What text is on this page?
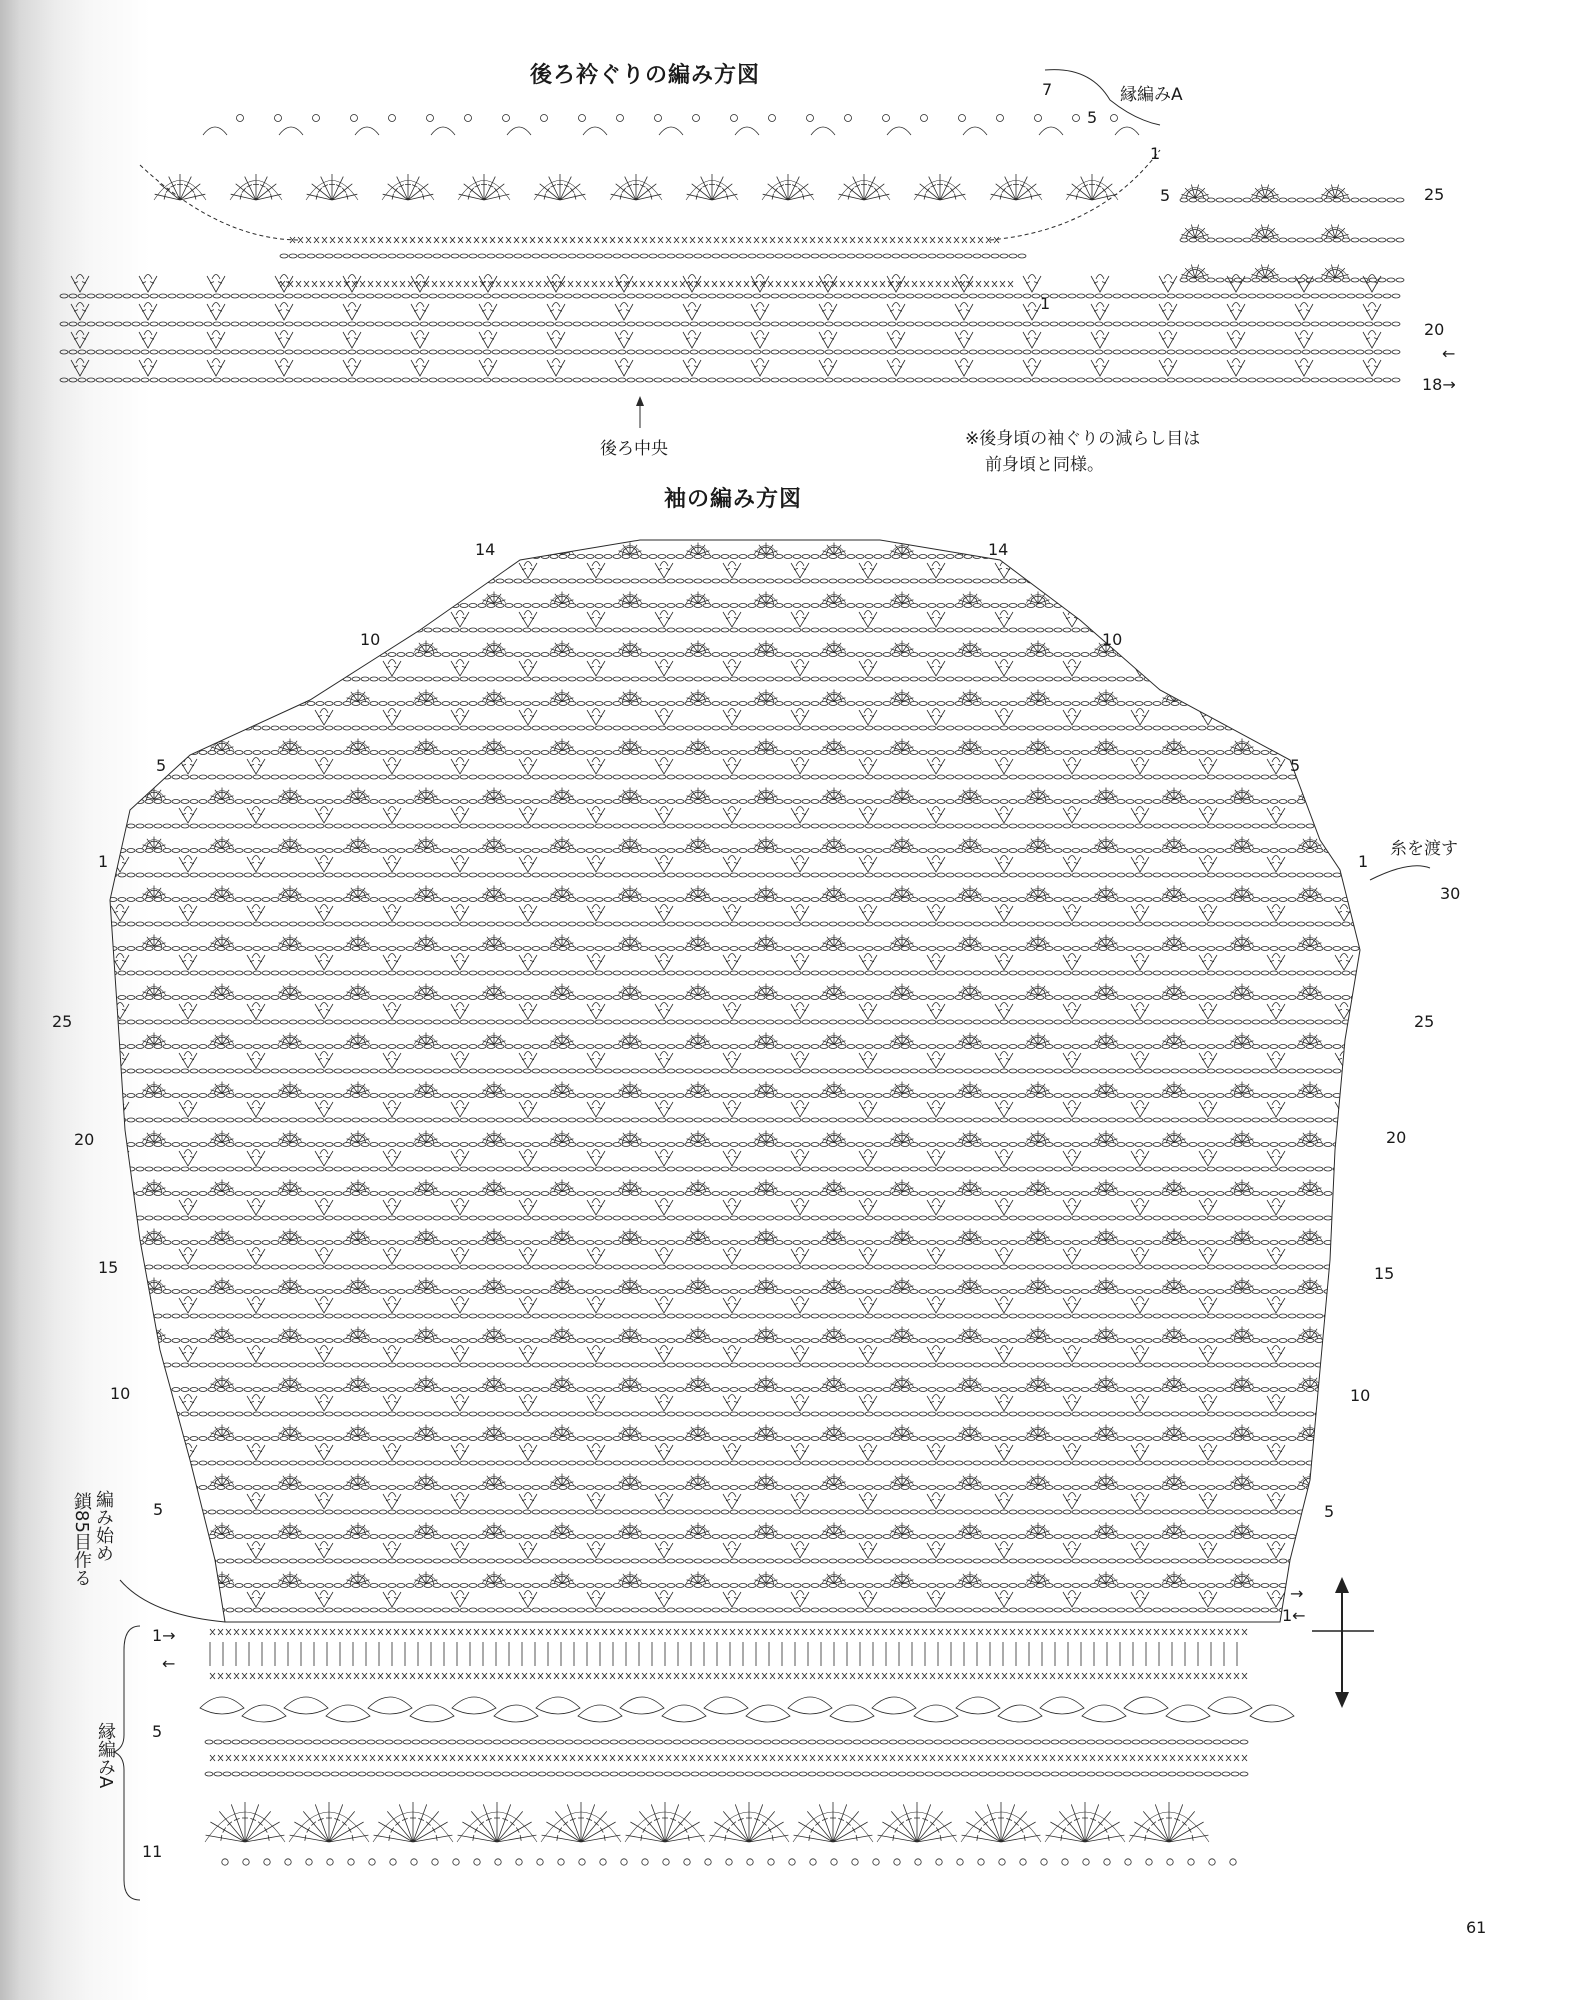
後ろ衿ぐりの編み方図
縁編みA
7
5
1
5
1
25
20
←
18→
後ろ中央	※後身頃の袖ぐりの減らし目は
前身頃と同様。
袖の編み方図
14
10
5
1
25
20
15
10
5
14
10
5
糸を渡す
1
30
25
20
15
10
5
→
1←
編み始め
鎖85目作る
1→
←
5
11
縁編みA
61
